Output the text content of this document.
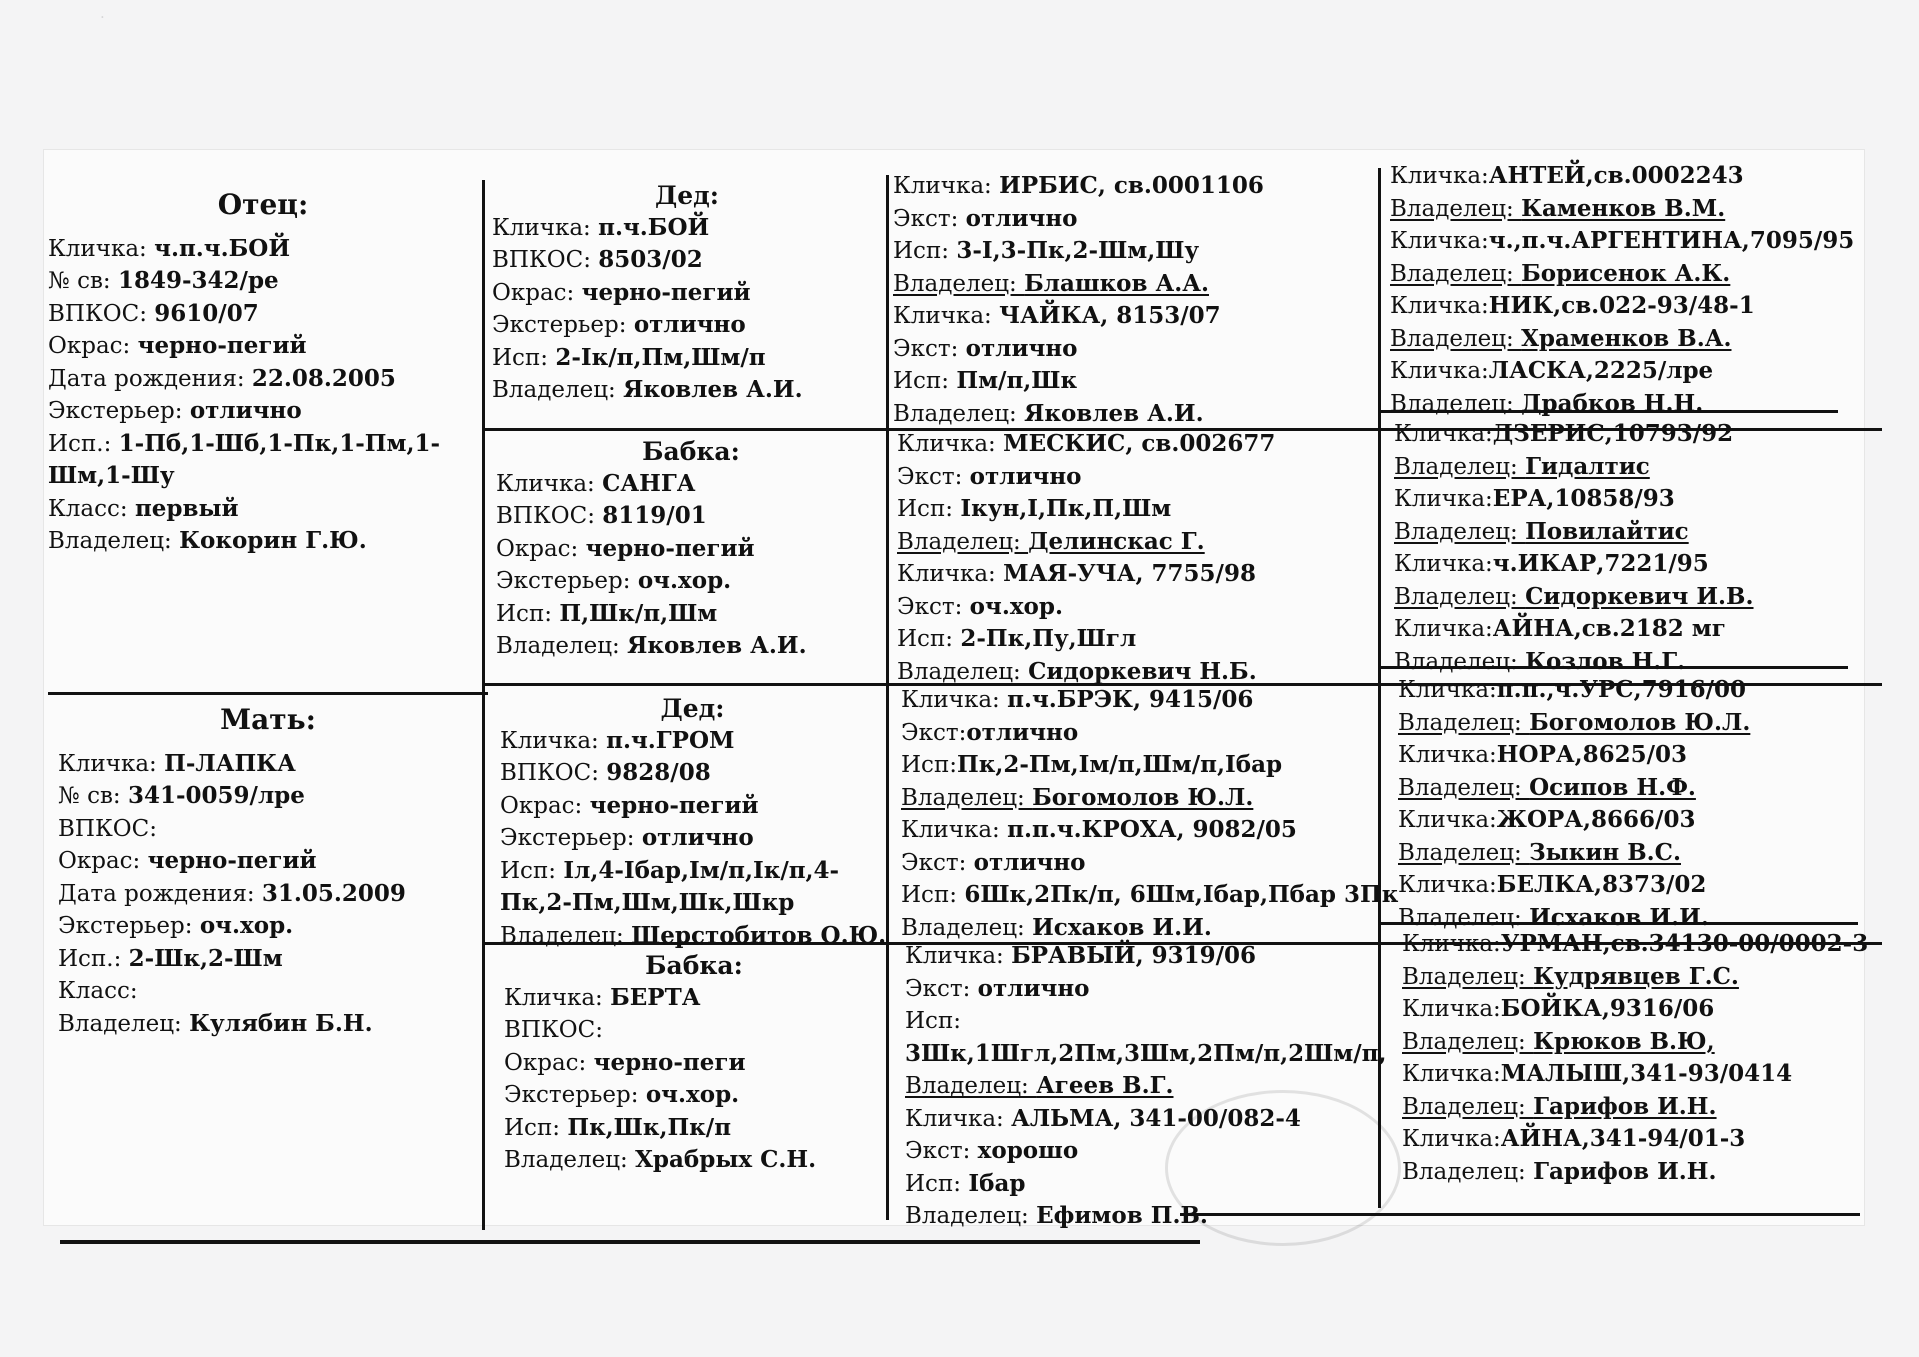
.
Отец:
Кличка: ч.п.ч.БОЙ
№ св: 1849-342/ре
ВПКОС: 9610/07
Окрас: черно-пегий
Дата рождения: 22.08.2005
Экстерьер: отлично
Исп.: 1-Пб,1-Шб,1-Пк,1-Пм,1-
Шм,1-Шу
Класс: первый
Владелец: Кокорин Г.Ю.
Мать:
Кличка: П-ЛАПКА
№ св: 341-0059/лре
ВПКОС:
Окрас: черно-пегий
Дата рождения: 31.05.2009
Экстерьер: оч.хор.
Исп.: 2-Шк,2-Шм
Класс:
Владелец: Кулябин Б.Н.
Дед:
Кличка: п.ч.БОЙ
ВПКОС: 8503/02
Окрас: черно-пегий
Экстерьер: отлично
Исп: 2-Iк/п,Пм,Шм/п
Владелец: Яковлев А.И.
Бабка:
Кличка: САНГА
ВПКОС: 8119/01
Окрас: черно-пегий
Экстерьер: оч.хор.
Исп: П,Шк/п,Шм
Владелец: Яковлев А.И.
Дед:
Кличка: п.ч.ГРОМ
ВПКОС: 9828/08
Окрас: черно-пегий
Экстерьер: отлично
Исп: Iл,4-Iбар,Iм/п,Iк/п,4-
Пк,2-Пм,Шм,Шк,Шкр
Владелец: Шерстобитов О.Ю.
Бабка:
Кличка: БЕРТА
ВПКОС:
Окрас: черно-пеги
Экстерьер: оч.хор.
Исп: Пк,Шк,Пк/п
Владелец: Храбрых С.Н.
Кличка: ИРБИС, св.0001106
Экст: отлично
Исп: 3-I,3-Пк,2-Шм,Шу
Владелец: Блашков А.А.
Кличка: ЧАЙКА, 8153/07
Экст: отлично
Исп: Пм/п,Шк
Владелец: Яковлев А.И.
Кличка: МЕСКИС, св.002677
Экст: отлично
Исп: Iкун,I,Пк,П,Шм
Владелец: Делинскас Г.
Кличка: МАЯ-УЧА, 7755/98
Экст: оч.хор.
Исп: 2-Пк,Пу,Шгл
Владелец: Сидоркевич Н.Б.
Кличка: п.ч.БРЭК, 9415/06
Экст:отлично
Исп:Пк,2-Пм,Iм/п,Шм/п,Iбар
Владелец: Богомолов Ю.Л.
Кличка: п.п.ч.КРОХА, 9082/05
Экст: отлично
Исп: 6Шк,2Пк/п, 6Шм,Iбар,Пбар 3Пк
Владелец: Исхаков И.И.
Кличка: БРАВЫЙ, 9319/06
Экст: отлично
Исп:
3Шк,1Шгл,2Пм,3Шм,2Пм/п,2Шм/п,
Владелец: Агеев В.Г.
Кличка: АЛЬМА, 341-00/082-4
Экст: хорошо
Исп: Iбар
Владелец: Ефимов П.В.
Кличка:АНТЕЙ,св.0002243
Владелец: Каменков В.М.
Кличка:ч.,п.ч.АРГЕНТИНА,7095/95
Владелец: Борисенок А.К.
Кличка:НИК,св.022-93/48-1
Владелец: Храменков В.А.
Кличка:ЛАСКА,2225/лре
Владелец: Драбков Н.Н.
Кличка:ДЗЕРИС,10793/92
Владелец: Гидалтис
Кличка:ЕРА,10858/93
Владелец: Повилайтис
Кличка:ч.ИКАР,7221/95
Владелец: Сидоркевич И.В.
Кличка:АЙНА,св.2182 мг
Владелец: Козлов Н.Г.
Кличка:п.п.,ч.УРС,7916/00
Владелец: Богомолов Ю.Л.
Кличка:НОРА,8625/03
Владелец: Осипов Н.Ф.
Кличка:ЖОРА,8666/03
Владелец: Зыкин В.С.
Кличка:БЕЛКА,8373/02
Владелец: Исхаков И.И.
Кличка:УРМАН,св.34130-00/0002-3
Владелец: Кудрявцев Г.С.
Кличка:БОЙКА,9316/06
Владелец: Крюков В.Ю,
Кличка:МАЛЫШ,341-93/0414
Владелец: Гарифов И.Н.
Кличка:АЙНА,341-94/01-3
Владелец: Гарифов И.Н.
